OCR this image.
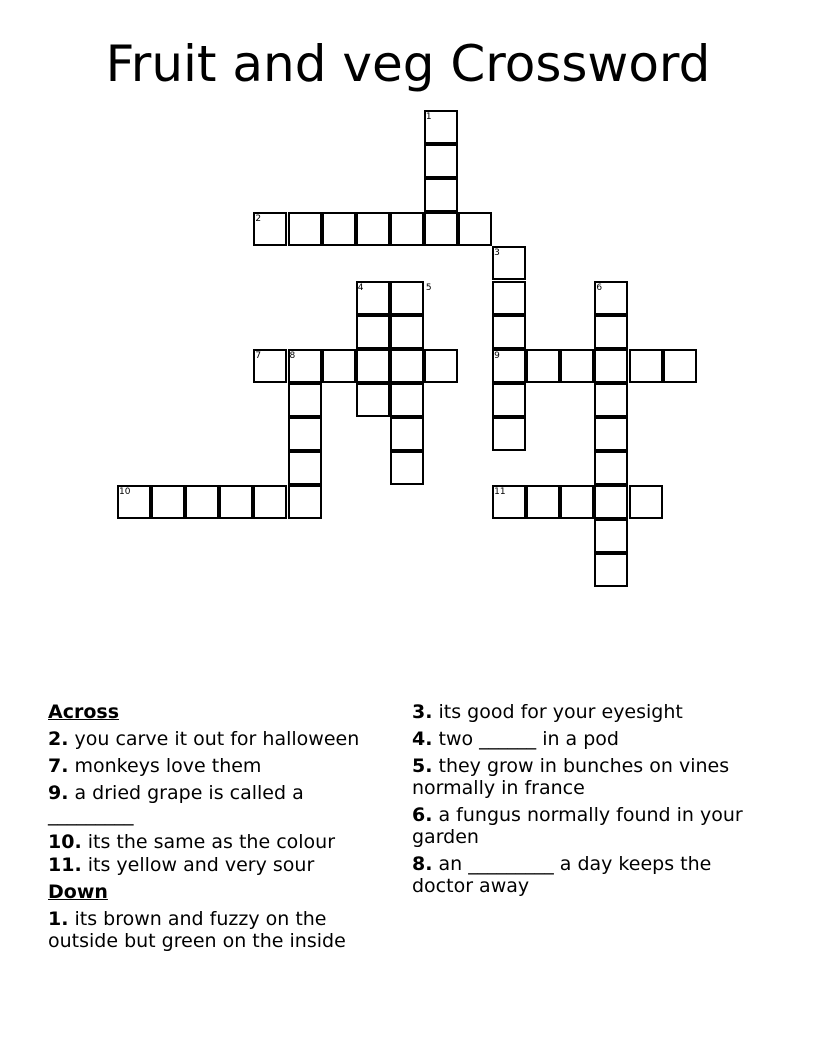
Fruit and veg Crossword
1
2
3
4	5	6
7	8	9
10	11
Across
2. you carve it out for halloween
7. monkeys love them
9. a dried grape is called a _________
10. its the same as the colour
11. its yellow and very sour
Down
1. its brown and fuzzy on the outside but green on the inside
3. its good for your eyesight
4. two ______ in a pod
5. they grow in bunches on vines normally in france
6. a fungus normally found in your garden
8. an _________ a day keeps the doctor away
